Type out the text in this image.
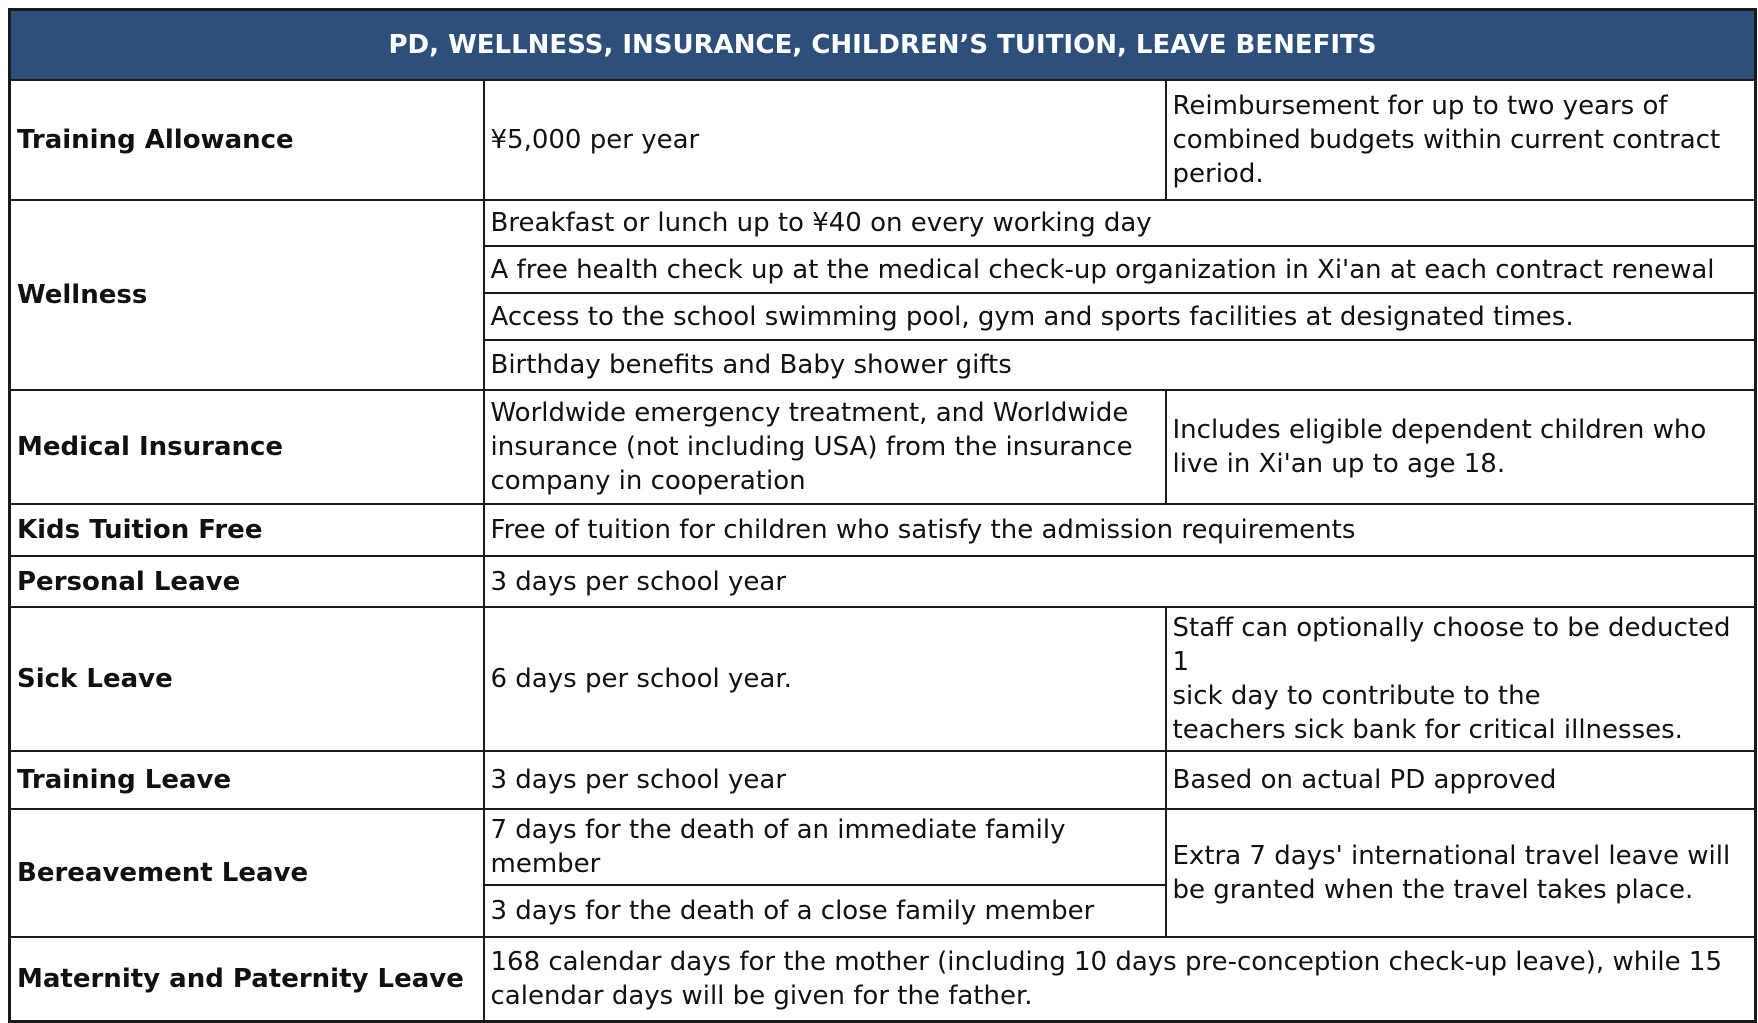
PD, WELLNESS, INSURANCE, CHILDREN’S TUITION, LEAVE BENEFITS		
Training Allowance	¥5,000 per year	Reimbursement for up to two years of combined budgets within current contract period.
Wellness	Breakfast or lunch up to ¥40 on every working day	
	A free health check up at the medical check-up organization in Xi'an at each contract renewal	
	Access to the school swimming pool, gym and sports facilities at designated times.	
	Birthday benefits and Baby shower gifts	
Medical Insurance	Worldwide emergency treatment, and Worldwide insurance (not including USA) from the insurance company in cooperation	Includes eligible dependent children who live in Xi'an up to age 18.
Kids Tuition Free	Free of tuition for children who satisfy the admission requirements	
Personal Leave	3 days per school year	
Sick Leave	6 days per school year.	Staff can optionally choose to be deducted 1
sick day to contribute to the
teachers sick bank for critical illnesses.

Training Leave	3 days per school year	Based on actual PD approved
Bereavement Leave	7 days for the death of an immediate family member	Extra 7 days' international travel leave will be granted when the travel takes place.
	3 days for the death of a close family member	
Maternity and Paternity Leave	168 calendar days for the mother (including 10 days pre-conception check-up leave), while 15 calendar days will be given for the father.	
